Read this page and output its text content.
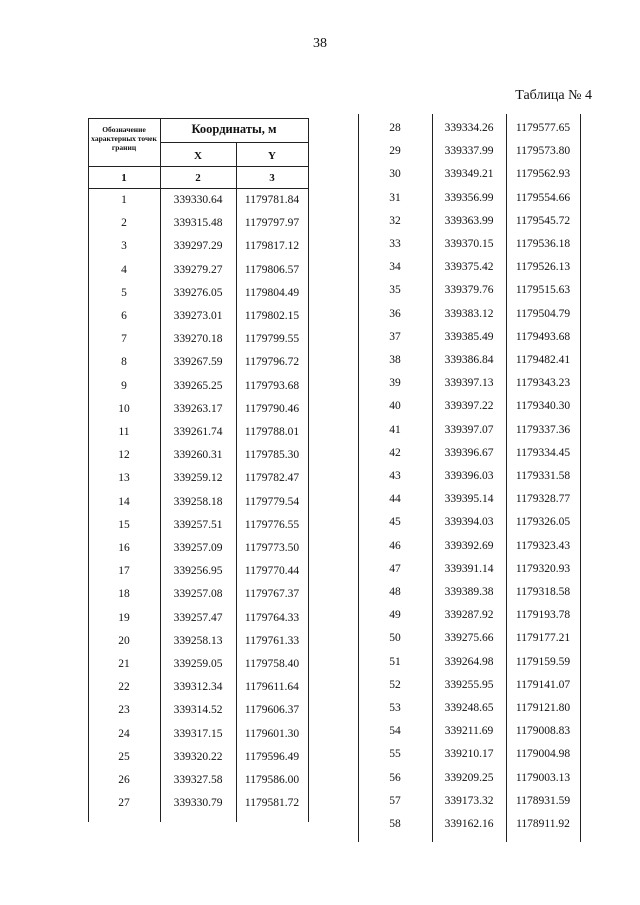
38
Таблица № 4
Обозначение характерных точек границ
Координаты, м
X	Y
1	2	3
1	339330.64	1179781.84
2	339315.48	1179797.97
3	339297.29	1179817.12
4	339279.27	1179806.57
5	339276.05	1179804.49
6	339273.01	1179802.15
7	339270.18	1179799.55
8	339267.59	1179796.72
9	339265.25	1179793.68
10	339263.17	1179790.46
11	339261.74	1179788.01
12	339260.31	1179785.30
13	339259.12	1179782.47
14	339258.18	1179779.54
15	339257.51	1179776.55
16	339257.09	1179773.50
17	339256.95	1179770.44
18	339257.08	1179767.37
19	339257.47	1179764.33
20	339258.13	1179761.33
21	339259.05	1179758.40
22	339312.34	1179611.64
23	339314.52	1179606.37
24	339317.15	1179601.30
25	339320.22	1179596.49
26	339327.58	1179586.00
27	339330.79	1179581.72
28	339334.26	1179577.65
29	339337.99	1179573.80
30	339349.21	1179562.93
31	339356.99	1179554.66
32	339363.99	1179545.72
33	339370.15	1179536.18
34	339375.42	1179526.13
35	339379.76	1179515.63
36	339383.12	1179504.79
37	339385.49	1179493.68
38	339386.84	1179482.41
39	339397.13	1179343.23
40	339397.22	1179340.30
41	339397.07	1179337.36
42	339396.67	1179334.45
43	339396.03	1179331.58
44	339395.14	1179328.77
45	339394.03	1179326.05
46	339392.69	1179323.43
47	339391.14	1179320.93
48	339389.38	1179318.58
49	339287.92	1179193.78
50	339275.66	1179177.21
51	339264.98	1179159.59
52	339255.95	1179141.07
53	339248.65	1179121.80
54	339211.69	1179008.83
55	339210.17	1179004.98
56	339209.25	1179003.13
57	339173.32	1178931.59
58	339162.16	1178911.92
